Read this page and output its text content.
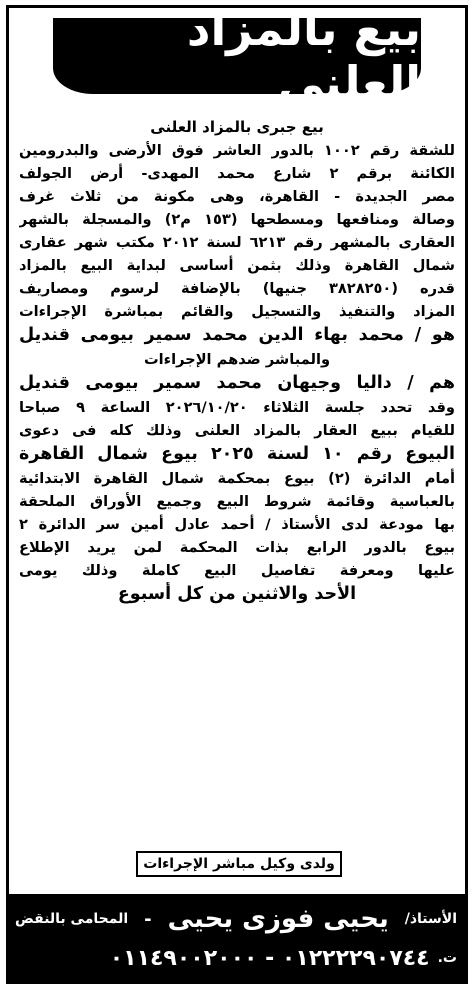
بيع بالمزاد العلنى
بيع جبرى بالمزاد العلنى
للشقة رقم ١٠٠٢ بالدور العاشر فوق الأرضى والبدرومين
الكائنة برقم ٢ شارع محمد المهدى- أرض الجولف
مصر الجديدة - القاهرة، وهى مكونة من ثلاث غرف
وصالة ومنافعها ومسطحها (١٥٣ م٢) والمسجلة بالشهر
العقارى بالمشهر رقم ٦٢١٣ لسنة ٢٠١٢ مكتب شهر عقارى
شمال القاهرة وذلك بثمن أساسى لبداية البيع بالمزاد
قدره (٣٨٢٨٢٥٠ جنيها) بالإضافة لرسوم ومصاريف
المزاد والتنفيذ والتسجيل والقائم بمباشرة الإجراءات
هو / محمد بهاء الدين محمد سمير بيومى قنديل
والمباشر ضدهم الإجراءات
هم / داليا وجيهان محمد سمير بيومى قنديل
وقد تحدد جلسة الثلاثاء ٢٠٢٦/١٠/٢٠ الساعة ٩ صباحا
للقيام ببيع العقار بالمزاد العلنى وذلك كله فى دعوى
البيوع رقم ١٠ لسنة ٢٠٢٥ بيوع شمال القاهرة
أمام الدائرة (٢) بيوع بمحكمة شمال القاهرة الابتدائية
بالعباسية وقائمة شروط البيع وجميع الأوراق الملحقة
بها مودعة لدى الأستاذ / أحمد عادل أمين سر الدائرة ٢
بيوع بالدور الرابع بذات المحكمة لمن يريد الإطلاع
عليها ومعرفة تفاصيل البيع كاملة وذلك يومى
الأحد والاثنين من كل أسبوع
ولدى وكيل مباشر الإجراءات
الأستاذ/
يحيى فوزى يحيى
-
المحامى بالنقض
ت.
٠١٢٢٢٢٩٠٧٤٤ - ٠١١٤٩٠٠٢٠٠٠
